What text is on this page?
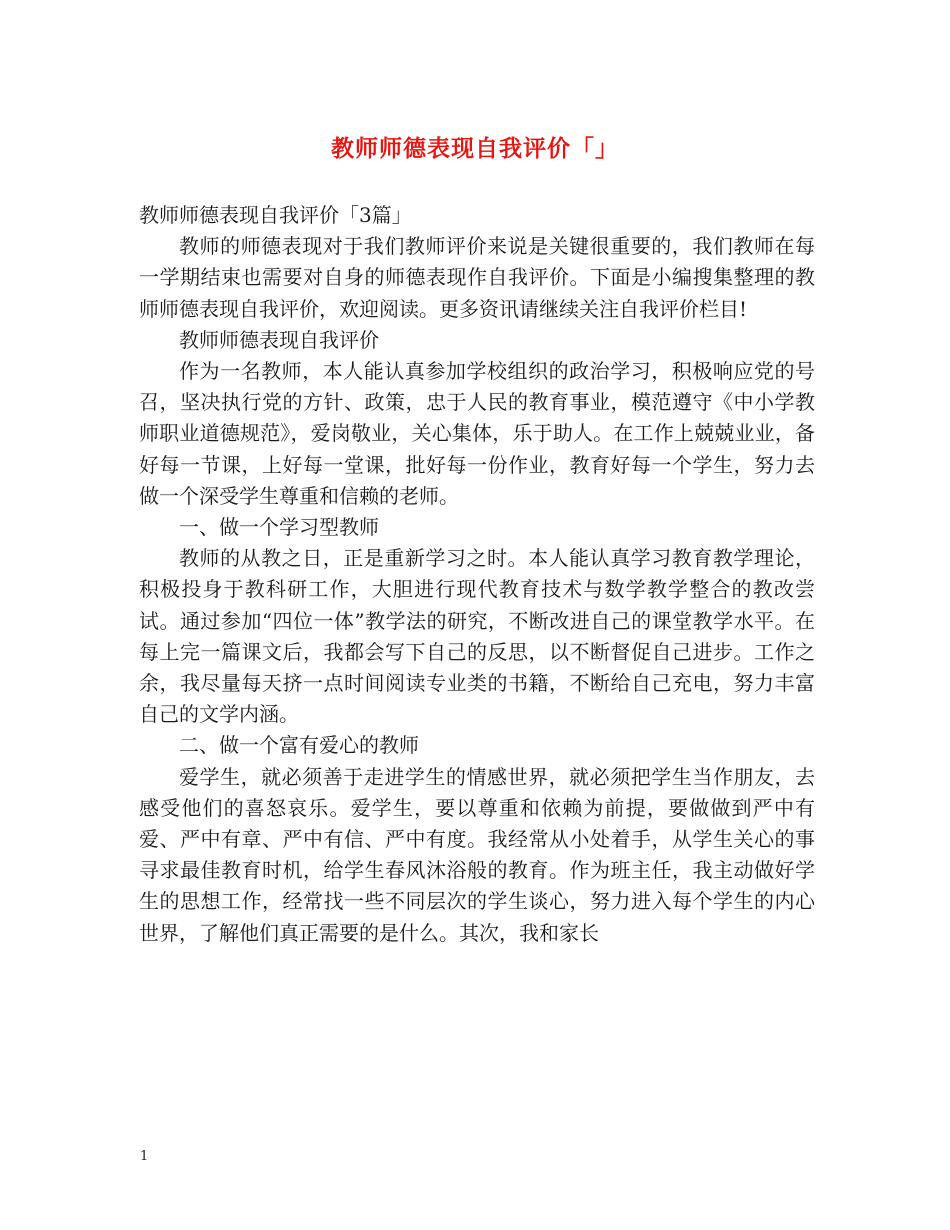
教师师德表现自我评价「」

教师师德表现自我评价「3篇」

教师的师德表现对于我们教师评价来说是关键很重要的，我们教师在每一学期结束也需要对自身的师德表现作自我评价。下面是小编搜集整理的教师师德表现自我评价，欢迎阅读。更多资讯请继续关注自我评价栏目!

教师师德表现自我评价

作为一名教师，本人能认真参加学校组织的政治学习，积极响应党的号召，坚决执行党的方针、政策，忠于人民的教育事业，模范遵守《中小学教师职业道德规范》，爱岗敬业，关心集体，乐于助人。在工作上兢兢业业，备好每一节课，上好每一堂课，批好每一份作业，教育好每一个学生，努力去做一个深受学生尊重和信赖的老师。

一、做一个学习型教师

教师的从教之日，正是重新学习之时。本人能认真学习教育教学理论，积极投身于教科研工作，大胆进行现代教育技术与数学教学整合的教改尝试。通过参加“四位一体”教学法的研究，不断改进自己的课堂教学水平。在每上完一篇课文后，我都会写下自己的反思，以不断督促自己进步。工作之余，我尽量每天挤一点时间阅读专业类的书籍，不断给自己充电，努力丰富自己的文学内涵。

二、做一个富有爱心的教师

爱学生，就必须善于走进学生的情感世界，就必须把学生当作朋友，去感受他们的喜怒哀乐。爱学生，要以尊重和依赖为前提，要做做到严中有爱、严中有章、严中有信、严中有度。我经常从小处着手，从学生关心的事寻求最佳教育时机，给学生春风沐浴般的教育。作为班主任，我主动做好学生的思想工作，经常找一些不同层次的学生谈心，努力进入每个学生的内心世界，了解他们真正需要的是什么。其次，我和家长

1
